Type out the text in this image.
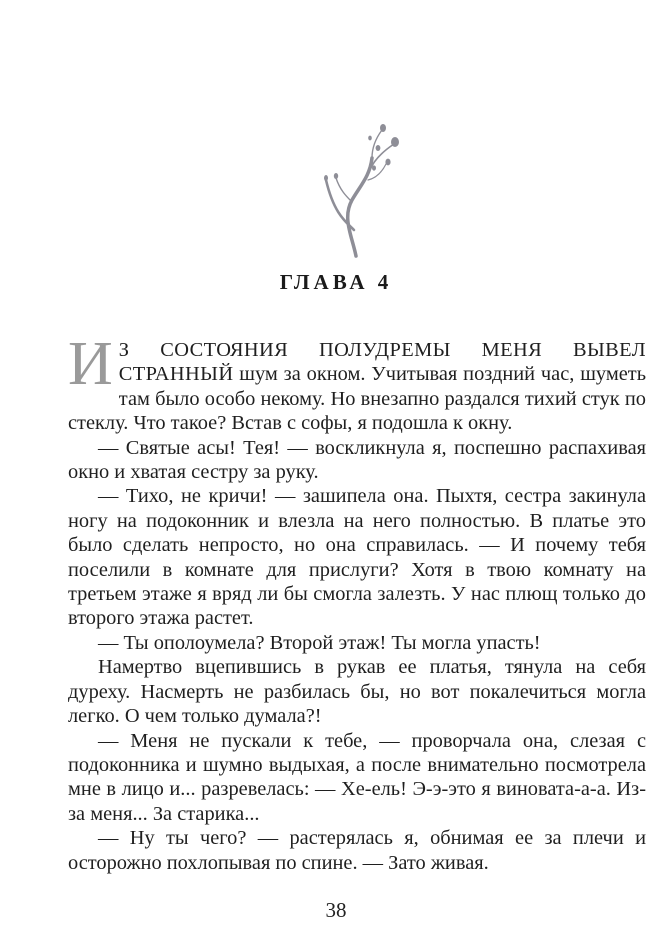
ГЛАВА 4

И З СОСТОЯНИЯ ПОЛУДРЕМЫ МЕНЯ ВЫВЕЛ СТРАННЫЙ шум за окном. Учитывая поздний час, шуметь там было особо некому. Но внезапно раздался тихий стук по стеклу. Что такое? Встав с софы, я подошла к окну.

— Святые асы! Тея! — воскликнула я, поспешно распахивая окно и хватая сестру за руку.

— Тихо, не кричи! — зашипела она. Пыхтя, сестра закинула ногу на подоконник и влезла на него полностью. В платье это было сделать непросто, но она справилась. — И почему тебя поселили в комнате для прислуги? Хотя в твою комнату на третьем этаже я вряд ли бы смогла залезть. У нас плющ только до второго этажа растет.

— Ты ополоумела? Второй этаж! Ты могла упасть!

Намертво вцепившись в рукав ее платья, тянула на себя дуреху. Насмерть не разбилась бы, но вот покалечиться могла легко. О чем только думала?!

— Меня не пускали к тебе, — проворчала она, слезая с подоконника и шумно выдыхая, а после внимательно посмотрела мне в лицо и... разревелась: — Хе-ель! Э-э-это я виновата-а-а. Из-за меня... За старика...

— Ну ты чего? — растерялась я, обнимая ее за плечи и осторожно похлопывая по спине. — Зато живая.

38
